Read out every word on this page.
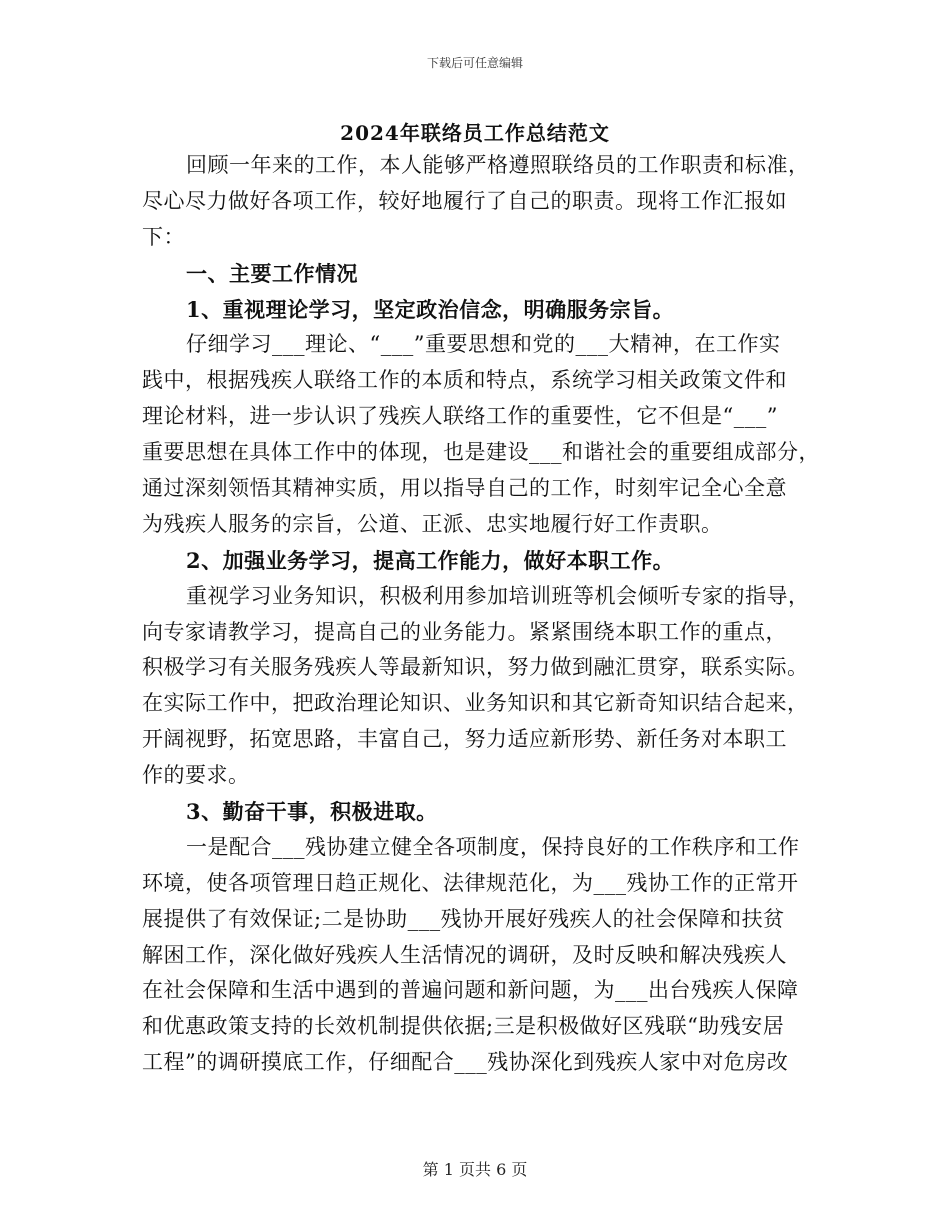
下载后可任意编辑
2024年联络员工作总结范文
回顾一年来的工作，本人能够严格遵照联络员的工作职责和标准，
尽心尽力做好各项工作，较好地履行了自己的职责。现将工作汇报如
下：
一、主要工作情况
1、重视理论学习，坚定政治信念，明确服务宗旨。
仔细学习___理论、“___”重要思想和党的___大精神，在工作实
践中，根据残疾人联络工作的本质和特点，系统学习相关政策文件和
理论材料，进一步认识了残疾人联络工作的重要性，它不但是“___”
重要思想在具体工作中的体现，也是建设___和谐社会的重要组成部分，
通过深刻领悟其精神实质，用以指导自己的工作，时刻牢记全心全意
为残疾人服务的宗旨，公道、正派、忠实地履行好工作责职。
2、加强业务学习，提高工作能力，做好本职工作。
重视学习业务知识，积极利用参加培训班等机会倾听专家的指导，
向专家请教学习，提高自己的业务能力。紧紧围绕本职工作的重点，
积极学习有关服务残疾人等最新知识，努力做到融汇贯穿，联系实际。
在实际工作中，把政治理论知识、业务知识和其它新奇知识结合起来，
开阔视野，拓宽思路，丰富自己，努力适应新形势、新任务对本职工
作的要求。
3、勤奋干事，积极进取。
一是配合___残协建立健全各项制度，保持良好的工作秩序和工作
环境，使各项管理日趋正规化、法律规范化，为___残协工作的正常开
展提供了有效保证;二是协助___残协开展好残疾人的社会保障和扶贫
解困工作，深化做好残疾人生活情况的调研，及时反映和解决残疾人
在社会保障和生活中遇到的普遍问题和新问题，为___出台残疾人保障
和优惠政策支持的长效机制提供依据;三是积极做好区残联“助残安居
工程”的调研摸底工作，仔细配合___残协深化到残疾人家中对危房改
第 1 页共 6 页
